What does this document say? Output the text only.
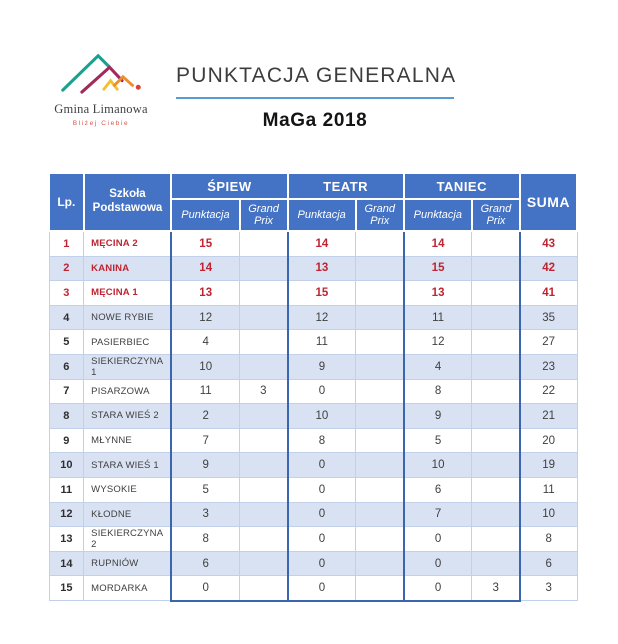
Gmina Limanowa
Bliżej Ciebie
PUNKTACJA GENERALNA
MaGa 2018
Lp.	Szkoła Podstawowa	ŚPIEW		TEATR		TANIEC		SUMA
		Punktacja	Grand Prix	Punktacja	Grand Prix	Punktacja	Grand Prix	
1	MĘCINA 2	15		14		14		43
2	KANINA	14		13		15		42
3	MĘCINA 1	13		15		13		41
4	NOWE RYBIE	12		12		11		35
5	PASIERBIEC	4		11		12		27
6	SIEKIERCZYNA 1	10		9		4		23
7	PISARZOWA	11	3	0		8		22
8	STARA WIEŚ 2	2		10		9		21
9	MŁYNNE	7		8		5		20
10	STARA WIEŚ 1	9		0		10		19
11	WYSOKIE	5		0		6		11
12	KŁODNE	3		0		7		10
13	SIEKIERCZYNA 2	8		0		0		8
14	RUPNIÓW	6		0		0		6
15	MORDARKA	0		0		0	3	3
